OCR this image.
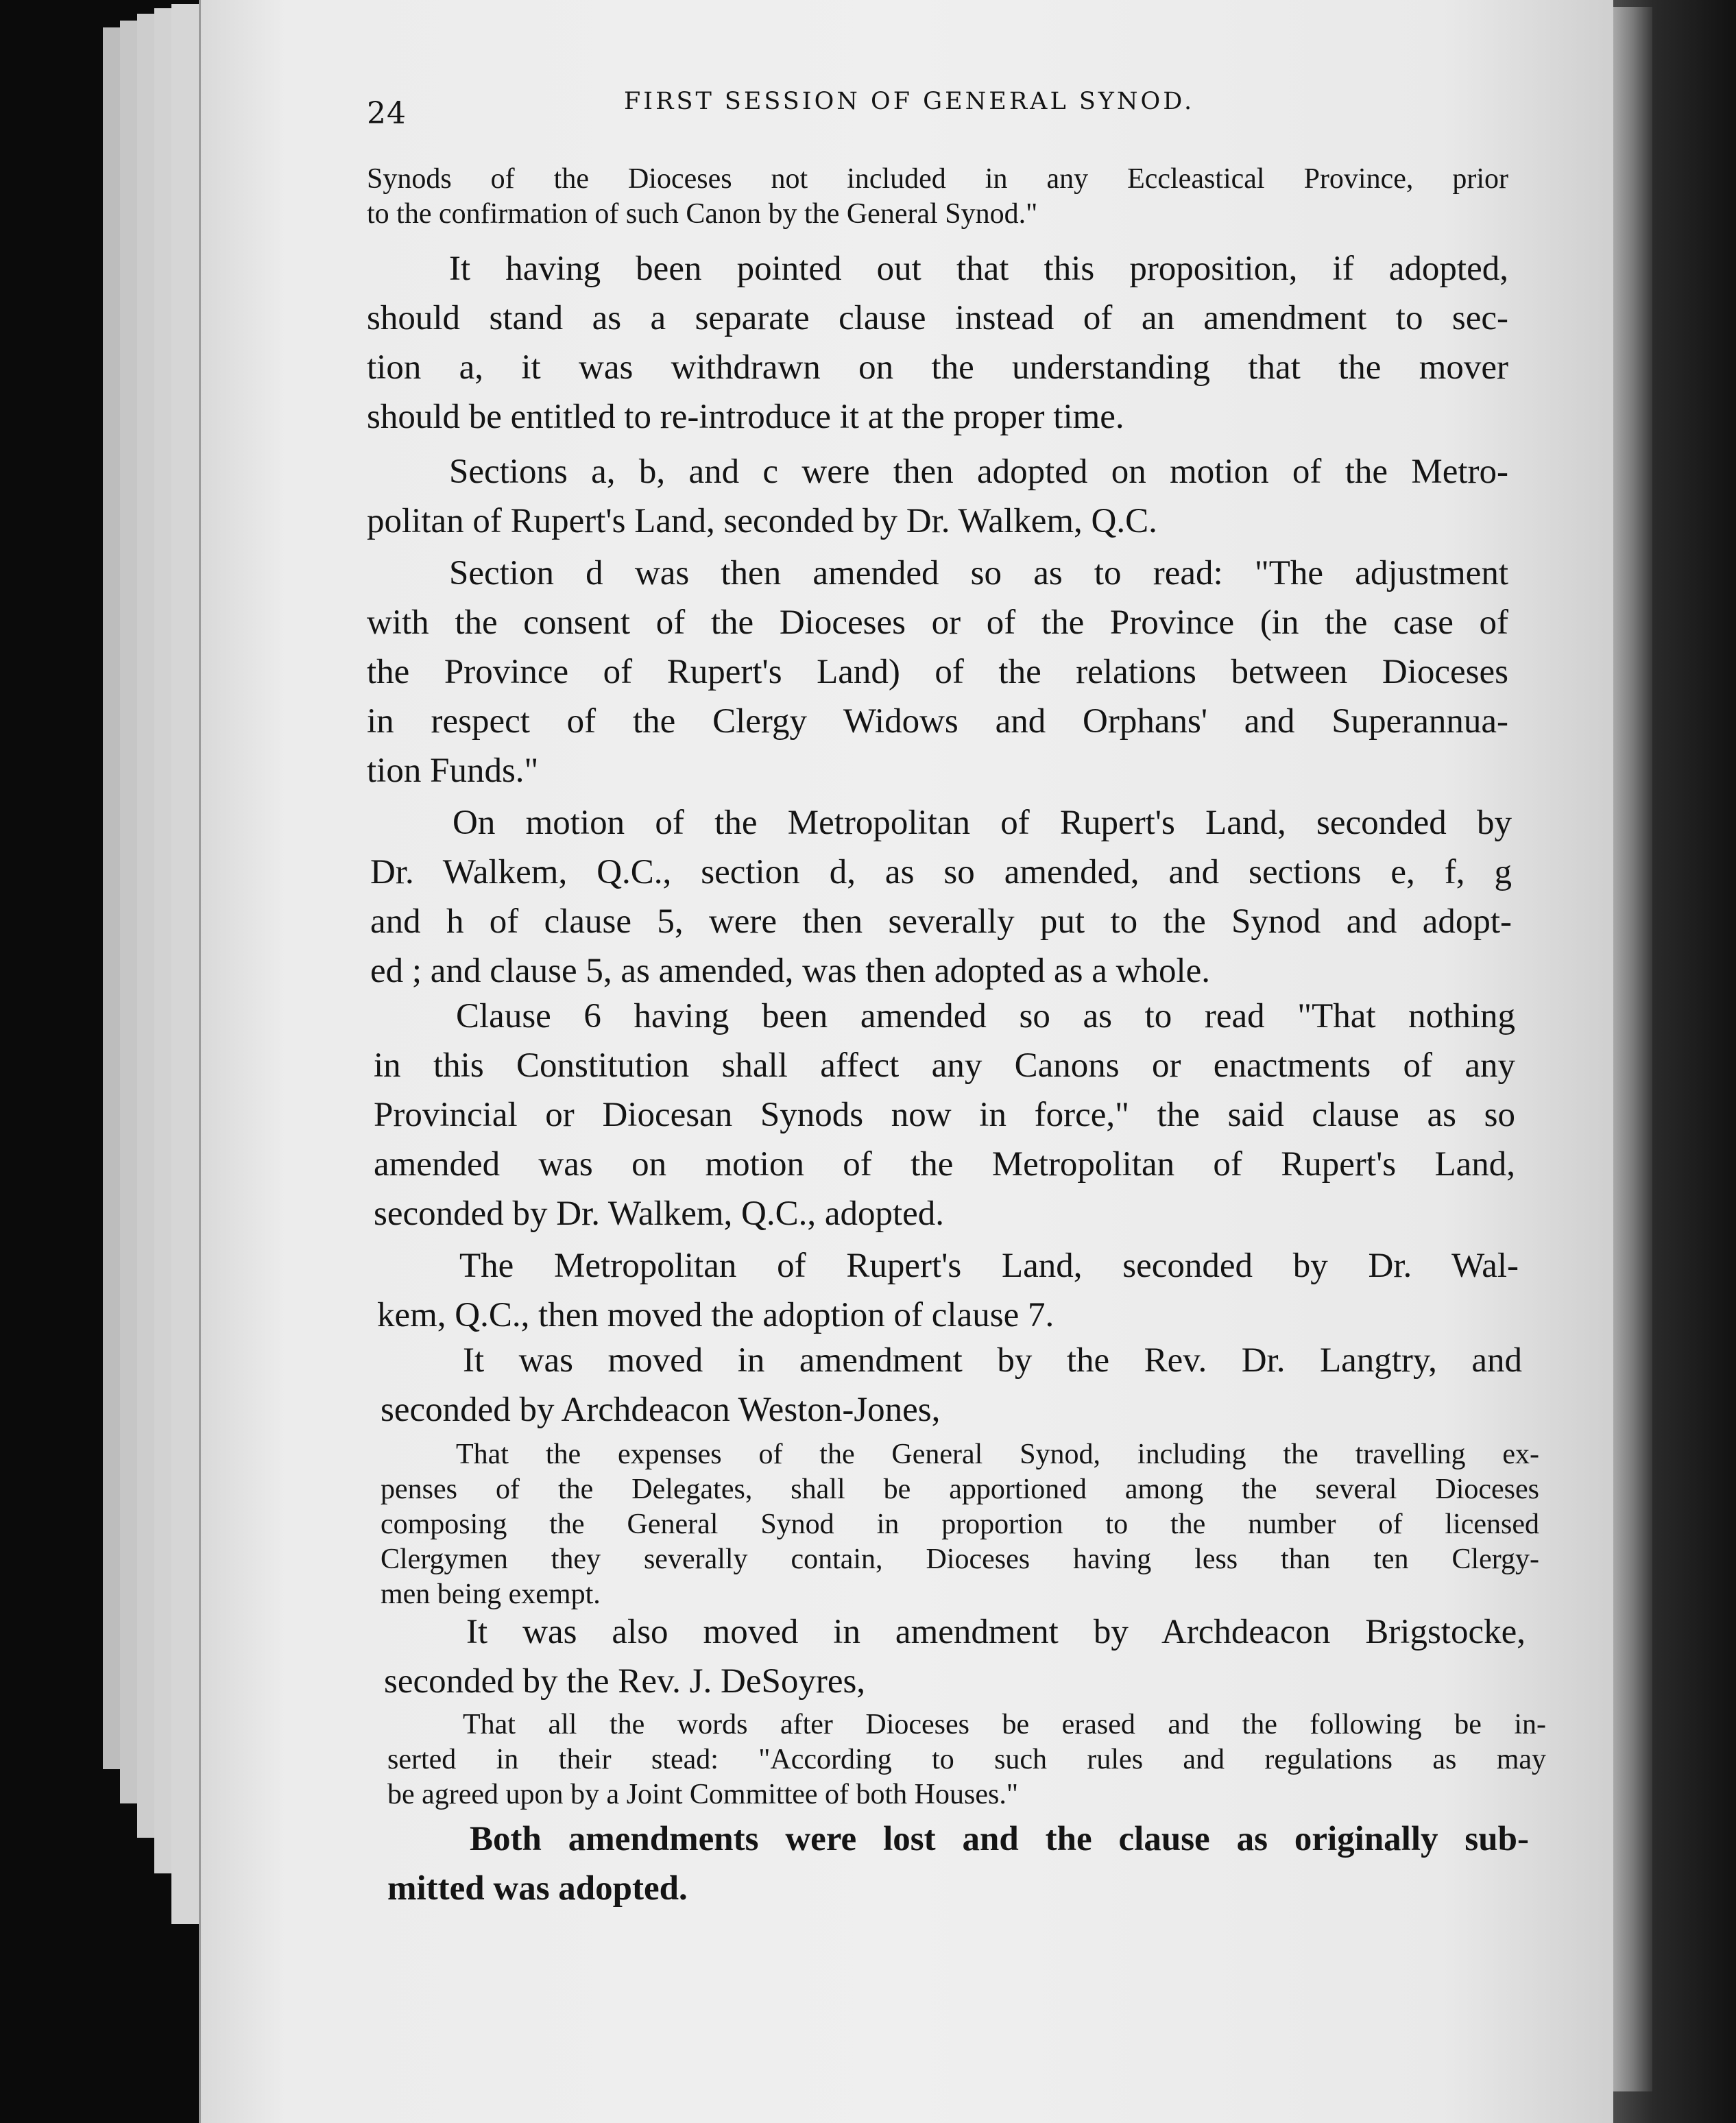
24	FIRST SESSION OF GENERAL SYNOD.

Synods of the Dioceses not included in any Eccleastical Province, prior
to the confirmation of such Canon by the General Synod."
It having been pointed out that this proposition, if adopted,
should stand as a separate clause instead of an amendment to sec-
tion a, it was withdrawn on the understanding that the mover
should be entitled to re-introduce it at the proper time.
Sections a, b, and c were then adopted on motion of the Metro-
politan of Rupert's Land, seconded by Dr. Walkem, Q.C.
Section d was then amended so as to read: "The adjustment
with the consent of the Dioceses or of the Province (in the case of
the Province of Rupert's Land) of the relations between Dioceses
in respect of the Clergy Widows and Orphans' and Superannua-
tion Funds."
On motion of the Metropolitan of Rupert's Land, seconded by
Dr. Walkem, Q.C., section d, as so amended, and sections e, f, g
and h of clause 5, were then severally put to the Synod and adopt-
ed ; and clause 5, as amended, was then adopted as a whole.
Clause 6 having been amended so as to read "That nothing
in this Constitution shall affect any Canons or enactments of any
Provincial or Diocesan Synods now in force," the said clause as so
amended was on motion of the Metropolitan of Rupert's Land,
seconded by Dr. Walkem, Q.C., adopted.
The Metropolitan of Rupert's Land, seconded by Dr. Wal-
kem, Q.C., then moved the adoption of clause 7.
It was moved in amendment by the Rev. Dr. Langtry, and
seconded by Archdeacon Weston-Jones,
That the expenses of the General Synod, including the travelling ex-
penses of the Delegates, shall be apportioned among the several Dioceses
composing the General Synod in proportion to the number of licensed
Clergymen they severally contain, Dioceses having less than ten Clergy-
men being exempt.
It was also moved in amendment by Archdeacon Brigstocke,
seconded by the Rev. J. DeSoyres,
That all the words after Dioceses be erased and the following be in-
serted in their stead: "According to such rules and regulations as may
be agreed upon by a Joint Committee of both Houses."
Both amendments were lost and the clause as originally sub-
mitted was adopted.
